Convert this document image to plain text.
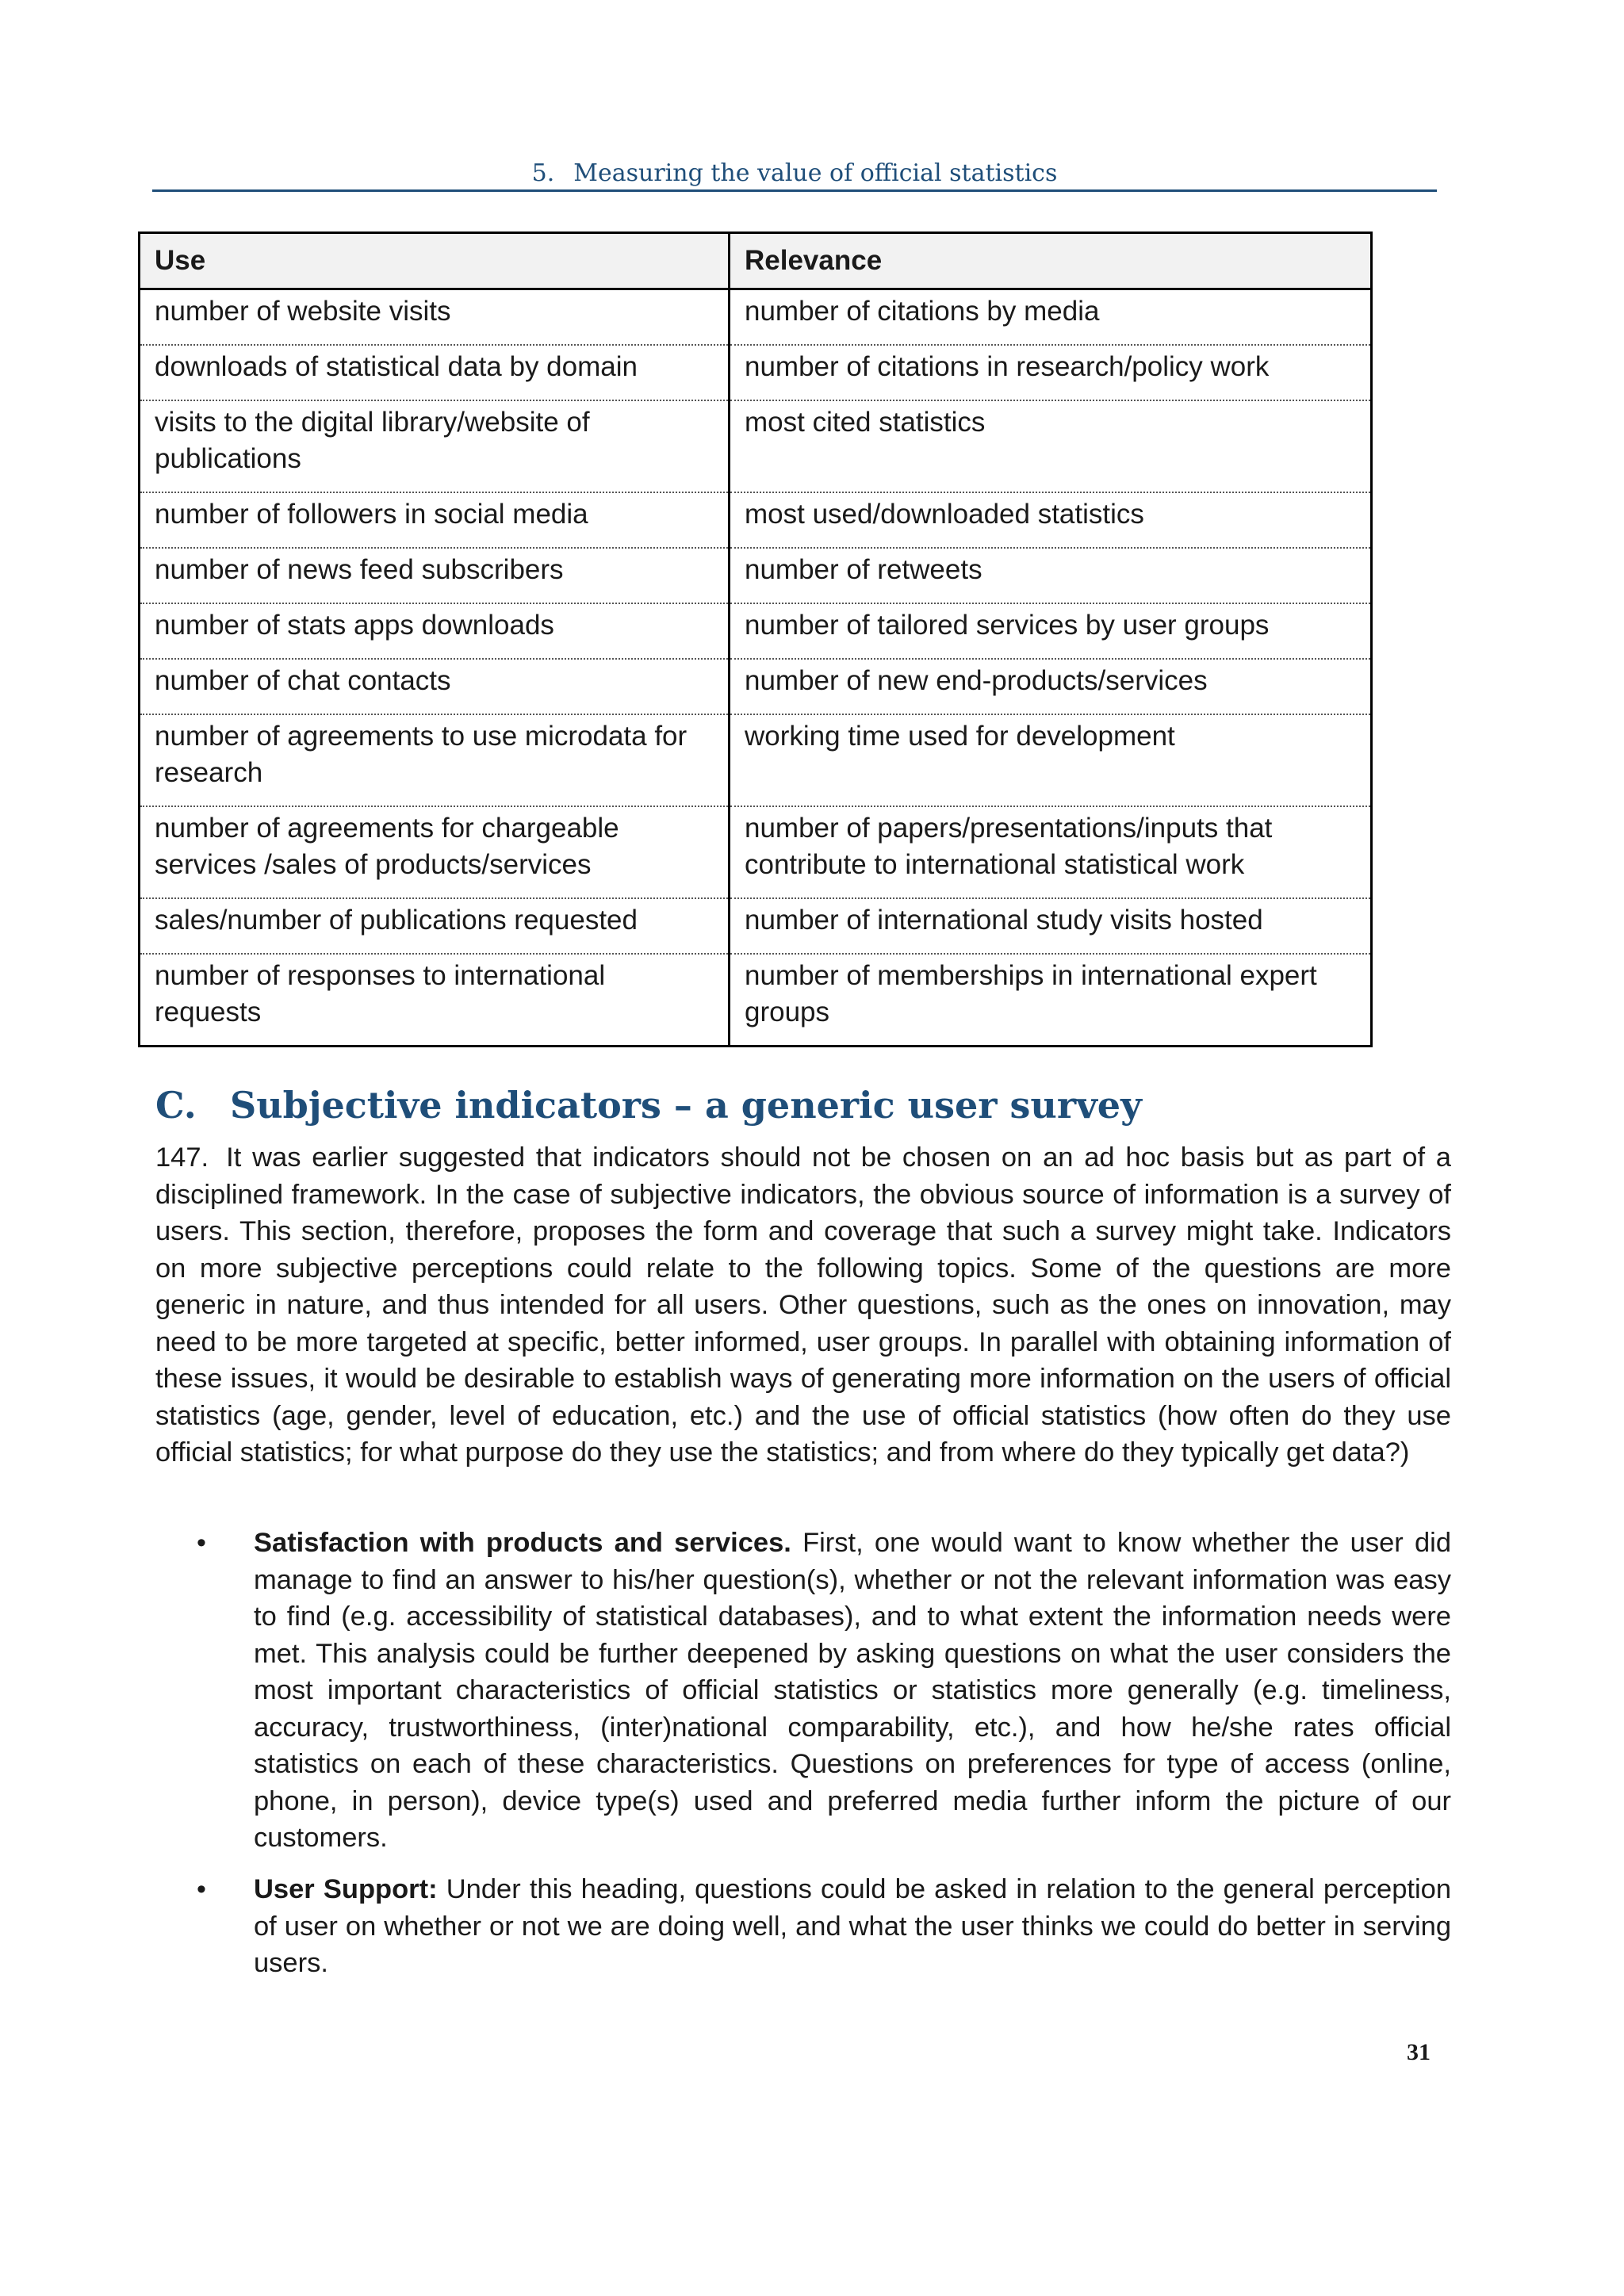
5. Measuring the value of official statistics
Use	Relevance
number of website visits	number of citations by media
downloads of statistical data by domain	number of citations in research/policy work
visits to the digital library/website of publications	most cited statistics
number of followers in social media	most used/downloaded statistics
number of news feed subscribers	number of retweets
number of stats apps downloads	number of tailored services by user groups
number of chat contacts	number of new end-products/services
number of agreements to use microdata for research	working time used for development
number of agreements for chargeable services /sales of products/services	number of papers/presentations/inputs that contribute to international statistical work
sales/number of publications requested	number of international study visits hosted
number of responses to international requests	number of memberships in international expert groups
C. Subjective indicators – a generic user survey

147. It was earlier suggested that indicators should not be chosen on an ad hoc basis but as part of a disciplined framework. In the case of subjective indicators, the obvious source of information is a survey of users. This section, therefore, proposes the form and coverage that such a survey might take. Indicators on more subjective perceptions could relate to the following topics. Some of the questions are more generic in nature, and thus intended for all users. Other questions, such as the ones on innovation, may need to be more targeted at specific, better informed, user groups. In parallel with obtaining information of these issues, it would be desirable to establish ways of generating more information on the users of official statistics (age, gender, level of education, etc.) and the use of official statistics (how often do they use official statistics; for what purpose do they use the statistics; and from where do they typically get data?)

• Satisfaction with products and services. First, one would want to know whether the user did manage to find an answer to his/her question(s), whether or not the relevant information was easy to find (e.g. accessibility of statistical databases), and to what extent the information needs were met. This analysis could be further deepened by asking questions on what the user considers the most important characteristics of official statistics or statistics more generally (e.g. timeliness, accuracy, trustworthiness, (inter)national comparability, etc.), and how he/she rates official statistics on each of these characteristics. Questions on preferences for type of access (online, phone, in person), device type(s) used and preferred media further inform the picture of our customers.
• User Support: Under this heading, questions could be asked in relation to the general perception of user on whether or not we are doing well, and what the user thinks we could do better in serving users.
31
